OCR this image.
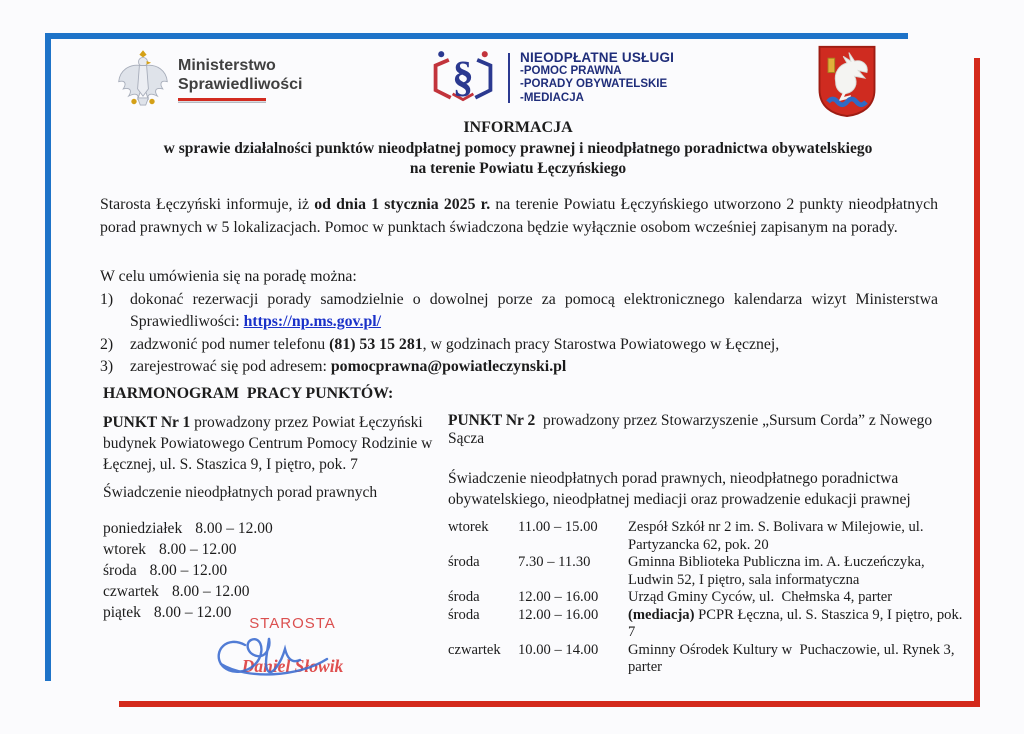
Ministerstwo
Sprawiedliwości	§	NIEODPŁATNE USŁUGI
-POMOC PRAWNA
-PORADY OBYWATELSKIE
-MEDIACJA
INFORMACJA
w sprawie działalności punktów nieodpłatnej pomocy prawnej i nieodpłatnego poradnictwa obywatelskiego
na terenie Powiatu Łęczyńskiego
Starosta Łęczyński informuje, iż od dnia 1 stycznia 2025 r. na terenie Powiatu Łęczyńskiego utworzono 2 punkty nieodpłatnych porad prawnych w 5 lokalizacjach. Pomoc w punktach świadczona będzie wyłącznie osobom wcześniej zapisanym na porady.
W celu umówienia się na poradę można:
1)	dokonać rezerwacji porady samodzielnie o dowolnej porze za pomocą elektronicznego kalendarza wizyt Ministerstwa Sprawiedliwości: https://np.ms.gov.pl/
2)	zadzwonić pod numer telefonu (81) 53 15 281, w godzinach pracy Starostwa Powiatowego w Łęcznej,
3)	zarejestrować się pod adresem: pomocprawna@powiatleczynski.pl
HARMONOGRAM  PRACY PUNKTÓW:
PUNKT Nr 1 prowadzony przez Powiat Łęczyński budynek Powiatowego Centrum Pomocy Rodzinie w Łęcznej, ul. S. Staszica 9, I piętro, pok. 7
Świadczenie nieodpłatnych porad prawnych
poniedziałek 8.00 – 12.00
wtorek 8.00 – 12.00
środa 8.00 – 12.00
czwartek 8.00 – 12.00
piątek 8.00 – 12.00
PUNKT Nr 2  prowadzony przez Stowarzyszenie „Sursum Corda” z Nowego Sącza
Świadczenie nieodpłatnych porad prawnych, nieodpłatnego poradnictwa obywatelskiego, nieodpłatnej mediacji oraz prowadzenie edukacji prawnej
wtorek	11.00 – 15.00	Zespół Szkół nr 2 im. S. Bolivara w Milejowie, ul. Partyzancka 62, pok. 20
środa	7.30 – 11.30	Gminna Biblioteka Publiczna im. A. Łuczeńczyka,  Ludwin 52, I piętro, sala informatyczna
środa	12.00 – 16.00	Urząd Gminy Cyców, ul.  Chełmska 4, parter
środa	12.00 – 16.00	(mediacja) PCPR Łęczna, ul. S. Staszica 9, I piętro, pok. 7
czwartek	10.00 – 14.00	Gminny Ośrodek Kultury w  Puchaczowie, ul. Rynek 3, parter
STAROSTA
Daniel Słowik
